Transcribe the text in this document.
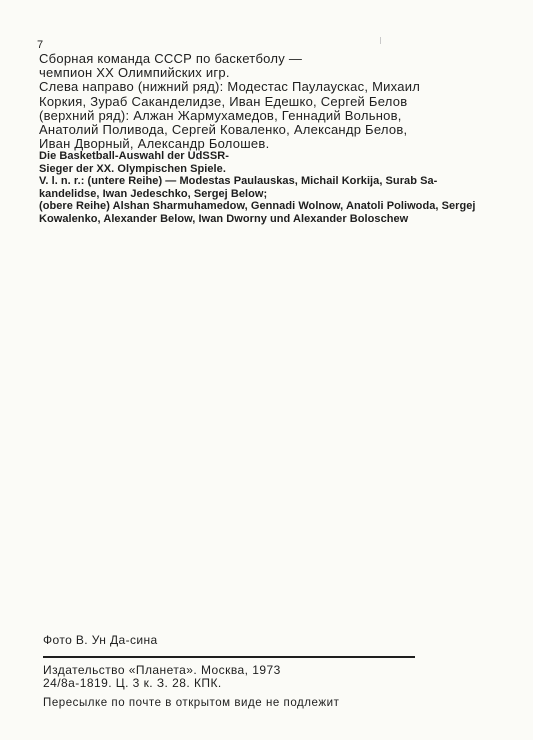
7
Сборная команда СССР по баскетболу —
чемпион XX Олимпийских игр.
Слева направо (нижний ряд): Модестас Паулаускас, Михаил
Коркия, Зураб Саканделидзе, Иван Едешко, Сергей Белов
(верхний ряд): Алжан Жармухамедов, Геннадий Вольнов,
Анатолий Поливода, Сергей Коваленко, Александр Белов,
Иван Дворный, Александр Болошев.
Die Basketball-Auswahl der UdSSR-
Sieger der XX. Olympischen Spiele.
V. l. n. r.: (untere Reihe) — Modestas Paulauskas, Michail Korkija, Surab Sa-
kandelidse, Iwan Jedeschko, Sergej Below;
(obere Reihe) Alshan Sharmuhamedow, Gennadi Wolnow, Anatoli Poliwoda, Sergej
Kowalenko, Alexander Below, Iwan Dworny und Alexander Boloschew
Фото В. Ун Да-сина
Издательство «Планета». Москва, 1973
24/8а-1819. Ц. 3 к. З. 28. КПК.
Пересылке по почте в открытом виде не подлежит
